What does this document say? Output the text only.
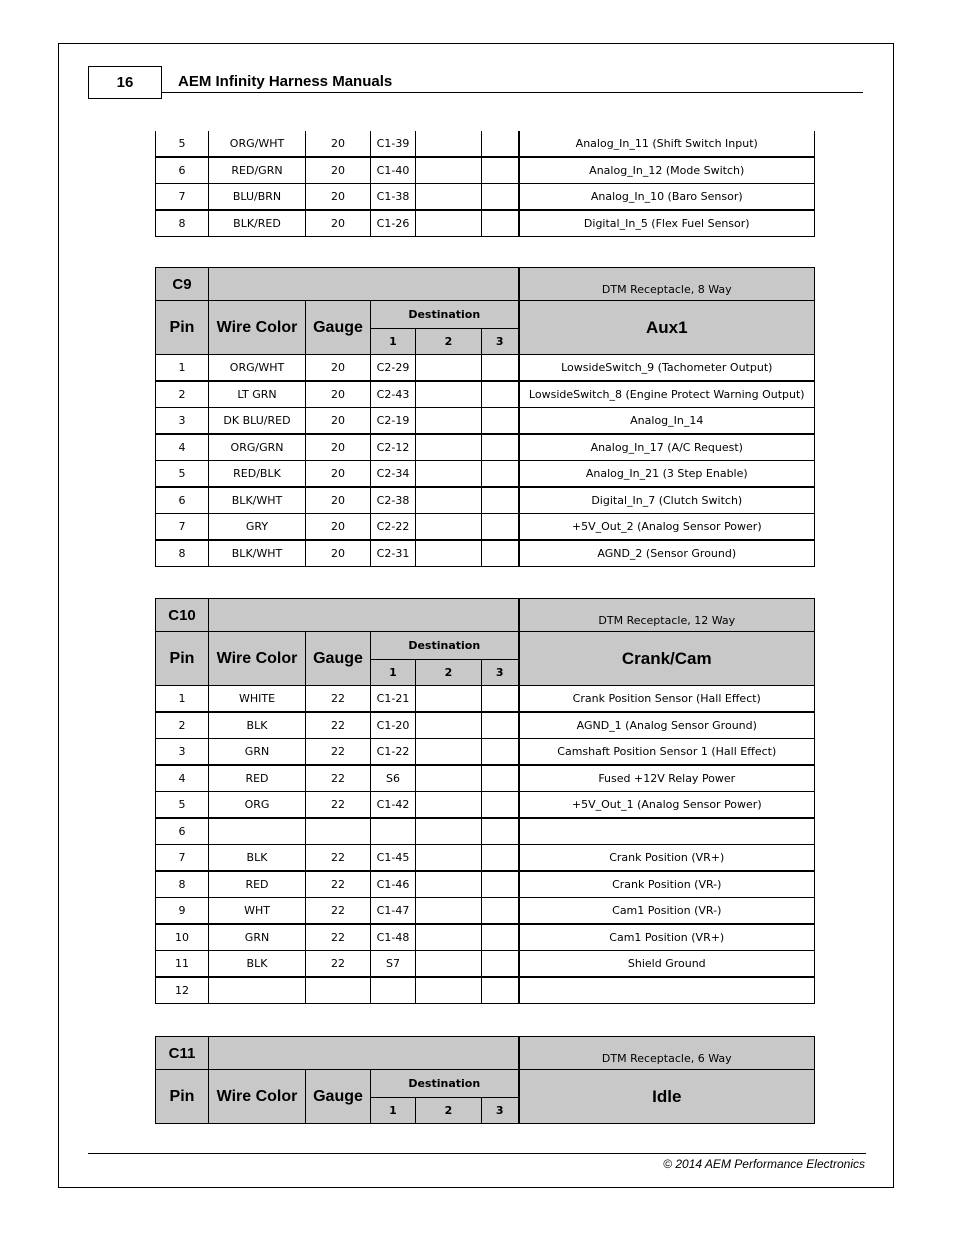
16	AEM Infinity Harness Manuals
5	ORG/WHT	20	C1-39			Analog_In_11 (Shift Switch Input)
6	RED/GRN	20	C1-40			Analog_In_12 (Mode Switch)
7	BLU/BRN	20	C1-38			Analog_In_10 (Baro Sensor)
8	BLK/RED	20	C1-26			Digital_In_5 (Flex Fuel Sensor)
C9						DTM Receptacle, 8 Way
Pin	Wire Color	Gauge	Destination			Aux1
			1	2	3	
1	ORG/WHT	20	C2-29			LowsideSwitch_9 (Tachometer Output)
2	LT GRN	20	C2-43			LowsideSwitch_8 (Engine Protect Warning Output)
3	DK BLU/RED	20	C2-19			Analog_In_14
4	ORG/GRN	20	C2-12			Analog_In_17 (A/C Request)
5	RED/BLK	20	C2-34			Analog_In_21 (3 Step Enable)
6	BLK/WHT	20	C2-38			Digital_In_7 (Clutch Switch)
7	GRY	20	C2-22			+5V_Out_2 (Analog Sensor Power)
8	BLK/WHT	20	C2-31			AGND_2 (Sensor Ground)
C10						DTM Receptacle, 12 Way
Pin	Wire Color	Gauge	Destination			Crank/Cam
			1	2	3	
1	WHITE	22	C1-21			Crank Position Sensor (Hall Effect)
2	BLK	22	C1-20			AGND_1 (Analog Sensor Ground)
3	GRN	22	C1-22			Camshaft Position Sensor 1 (Hall Effect)
4	RED	22	S6			Fused +12V Relay Power
5	ORG	22	C1-42			+5V_Out_1 (Analog Sensor Power)
6						
7	BLK	22	C1-45			Crank Position (VR+)
8	RED	22	C1-46			Crank Position (VR-)
9	WHT	22	C1-47			Cam1 Position (VR-)
10	GRN	22	C1-48			Cam1 Position (VR+)
11	BLK	22	S7			Shield Ground
12						
C11						DTM Receptacle, 6 Way
Pin	Wire Color	Gauge	Destination			Idle
			1	2	3	
© 2014 AEM Performance Electronics
